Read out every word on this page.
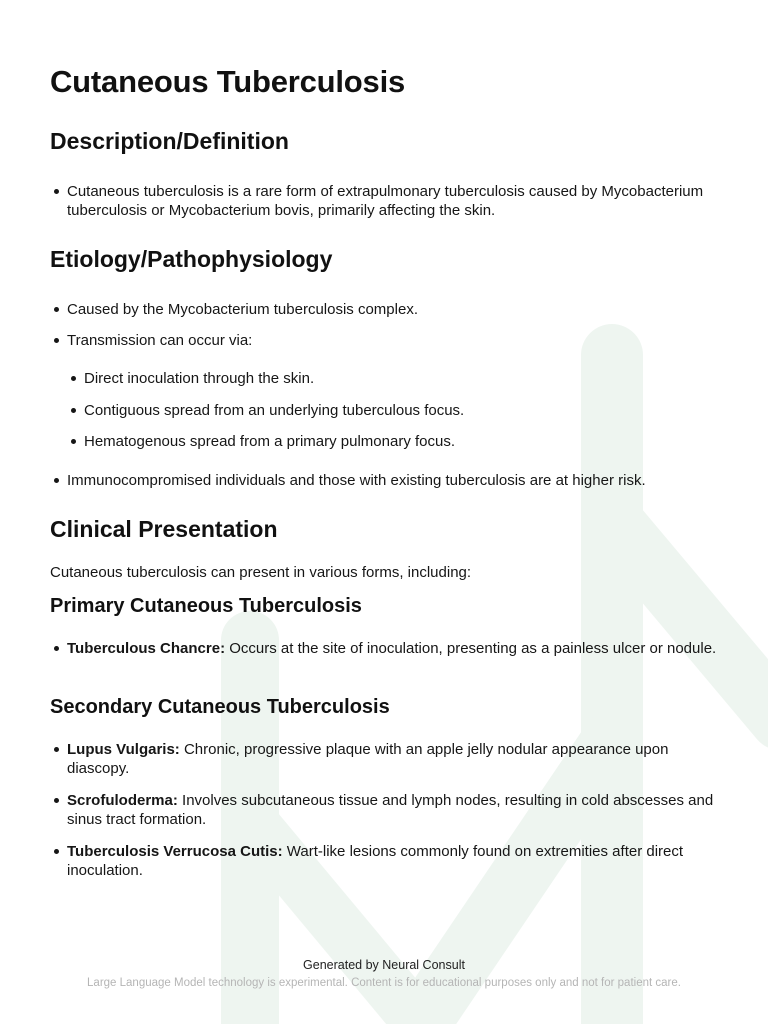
Cutaneous Tuberculosis
Description/Definition
Cutaneous tuberculosis is a rare form of extrapulmonary tuberculosis caused by Mycobacterium tuberculosis or Mycobacterium bovis, primarily affecting the skin.
Etiology/Pathophysiology
Caused by the Mycobacterium tuberculosis complex.
Transmission can occur via:
Direct inoculation through the skin.
Contiguous spread from an underlying tuberculous focus.
Hematogenous spread from a primary pulmonary focus.
Immunocompromised individuals and those with existing tuberculosis are at higher risk.
Clinical Presentation

Cutaneous tuberculosis can present in various forms, including:

Primary Cutaneous Tuberculosis
Tuberculous Chancre: Occurs at the site of inoculation, presenting as a painless ulcer or nodule.
Secondary Cutaneous Tuberculosis
Lupus Vulgaris: Chronic, progressive plaque with an apple jelly nodular appearance upon diascopy.
Scrofuloderma: Involves subcutaneous tissue and lymph nodes, resulting in cold abscesses and sinus tract formation.
Tuberculosis Verrucosa Cutis: Wart-like lesions commonly found on extremities after direct inoculation.
Generated by Neural Consult
Large Language Model technology is experimental. Content is for educational purposes only and not for patient care.
